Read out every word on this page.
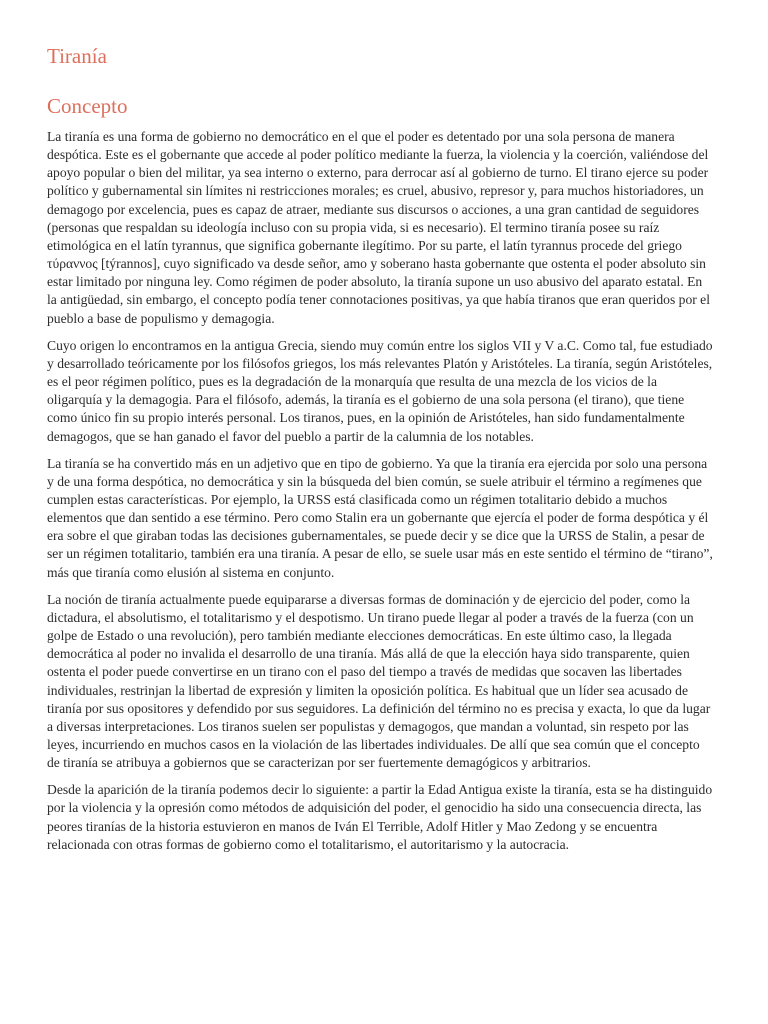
Tiranía
Concepto

La tiranía es una forma de gobierno no democrático en el que el poder es detentado por una sola persona de manera despótica. Este es el gobernante que accede al poder político mediante la fuerza, la violencia y la coerción, valiéndose del apoyo popular o bien del militar, ya sea interno o externo, para derrocar así al gobierno de turno. El tirano ejerce su poder político y gubernamental sin límites ni restricciones morales; es cruel, abusivo, represor y, para muchos historiadores, un demagogo por excelencia, pues es capaz de atraer, mediante sus discursos o acciones, a una gran cantidad de seguidores (personas que respaldan su ideología incluso con su propia vida, si es necesario). El termino tiranía posee su raíz etimológica en el latín tyrannus, que significa gobernante ilegítimo. Por su parte, el latín tyrannus procede del griego τύραννος [týrannos], cuyo significado va desde señor, amo y soberano hasta gobernante que ostenta el poder absoluto sin estar limitado por ninguna ley. Como régimen de poder absoluto, la tiranía supone un uso abusivo del aparato estatal. En la antigüedad, sin embargo, el concepto podía tener connotaciones positivas, ya que había tiranos que eran queridos por el pueblo a base de populismo y demagogia.

Cuyo origen lo encontramos en la antigua Grecia, siendo muy común entre los siglos VII y V a.C. Como tal, fue estudiado y desarrollado teóricamente por los filósofos griegos, los más relevantes Platón y Aristóteles. La tiranía, según Aristóteles, es el peor régimen político, pues es la degradación de la monarquía que resulta de una mezcla de los vicios de la oligarquía y la demagogia. Para el filósofo, además, la tiranía es el gobierno de una sola persona (el tirano), que tiene como único fin su propio interés personal. Los tiranos, pues, en la opinión de Aristóteles, han sido fundamentalmente demagogos, que se han ganado el favor del pueblo a partir de la calumnia de los notables.

La tiranía se ha convertido más en un adjetivo que en tipo de gobierno. Ya que la tiranía era ejercida por solo una persona y de una forma despótica, no democrática y sin la búsqueda del bien común, se suele atribuir el término a regímenes que cumplen estas características. Por ejemplo, la URSS está clasificada como un régimen totalitario debido a muchos elementos que dan sentido a ese término. Pero como Stalin era un gobernante que ejercía el poder de forma despótica y él era sobre el que giraban todas las decisiones gubernamentales, se puede decir y se dice que la URSS de Stalin, a pesar de ser un régimen totalitario, también era una tiranía. A pesar de ello, se suele usar más en este sentido el término de “tirano”, más que tiranía como elusión al sistema en conjunto.

La noción de tiranía actualmente puede equipararse a diversas formas de dominación y de ejercicio del poder, como la dictadura, el absolutismo, el totalitarismo y el despotismo. Un tirano puede llegar al poder a través de la fuerza (con un golpe de Estado o una revolución), pero también mediante elecciones democráticas. En este último caso, la llegada democrática al poder no invalida el desarrollo de una tiranía. Más allá de que la elección haya sido transparente, quien ostenta el poder puede convertirse en un tirano con el paso del tiempo a través de medidas que socaven las libertades individuales, restrinjan la libertad de expresión y limiten la oposición política. Es habitual que un líder sea acusado de tiranía por sus opositores y defendido por sus seguidores. La definición del término no es precisa y exacta, lo que da lugar a diversas interpretaciones. Los tiranos suelen ser populistas y demagogos, que mandan a voluntad, sin respeto por las leyes, incurriendo en muchos casos en la violación de las libertades individuales. De allí que sea común que el concepto de tiranía se atribuya a gobiernos que se caracterizan por ser fuertemente demagógicos y arbitrarios.

Desde la aparición de la tiranía podemos decir lo siguiente: a partir la Edad Antigua existe la tiranía, esta se ha distinguido por la violencia y la opresión como métodos de adquisición del poder, el genocidio ha sido una consecuencia directa, las peores tiranías de la historia estuvieron en manos de Iván El Terrible, Adolf Hitler y Mao Zedong y se encuentra relacionada con otras formas de gobierno como el totalitarismo, el autoritarismo y la autocracia.
